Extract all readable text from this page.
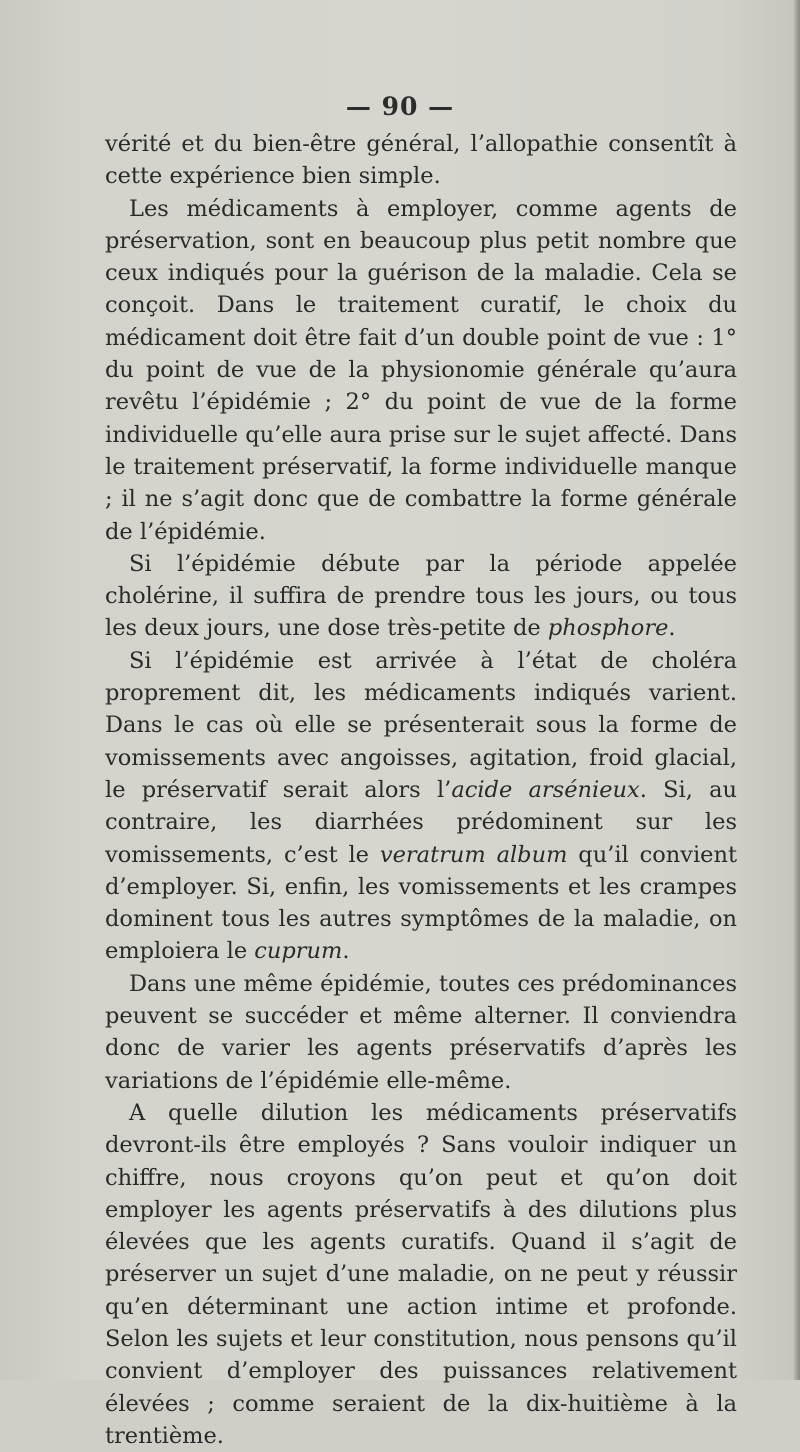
— 90 —

vérité et du bien-être général, l’allopathie consentît à cette expérience bien simple.

Les médicaments à employer, comme agents de préservation, sont en beaucoup plus petit nombre que ceux indiqués pour la guérison de la maladie. Cela se conçoit. Dans le traitement curatif, le choix du médicament doit être fait d’un double point de vue : 1° du point de vue de la physionomie générale qu’aura revêtu l’épidémie ; 2° du point de vue de la forme individuelle qu’elle aura prise sur le sujet affecté. Dans le traitement préservatif, la forme individuelle manque ; il ne s’agit donc que de combattre la forme générale de l’épidémie.

Si l’épidémie débute par la période appelée cholérine, il suffira de prendre tous les jours, ou tous les deux jours, une dose très-petite de phosphore.

Si l’épidémie est arrivée à l’état de choléra proprement dit, les médicaments indiqués varient. Dans le cas où elle se présenterait sous la forme de vomissements avec angoisses, agitation, froid glacial, le préservatif serait alors l’acide arsénieux. Si, au contraire, les diarrhées prédominent sur les vomissements, c’est le veratrum album qu’il convient d’employer. Si, enfin, les vomissements et les crampes dominent tous les autres symptômes de la maladie, on emploiera le cuprum.

Dans une même épidémie, toutes ces prédominances peuvent se succéder et même alterner. Il conviendra donc de varier les agents préservatifs d’après les variations de l’épidémie elle-même.

A quelle dilution les médicaments préservatifs devront-ils être employés ? Sans vouloir indiquer un chiffre, nous croyons qu’on peut et qu’on doit employer les agents préservatifs à des dilutions plus élevées que les agents curatifs. Quand il s’agit de préserver un sujet d’une maladie, on ne peut y réussir qu’en déterminant une action intime et profonde. Selon les sujets et leur constitution, nous pensons qu’il convient d’employer des puissances relativement élevées ; comme seraient de la dix-huitième à la trentième.
